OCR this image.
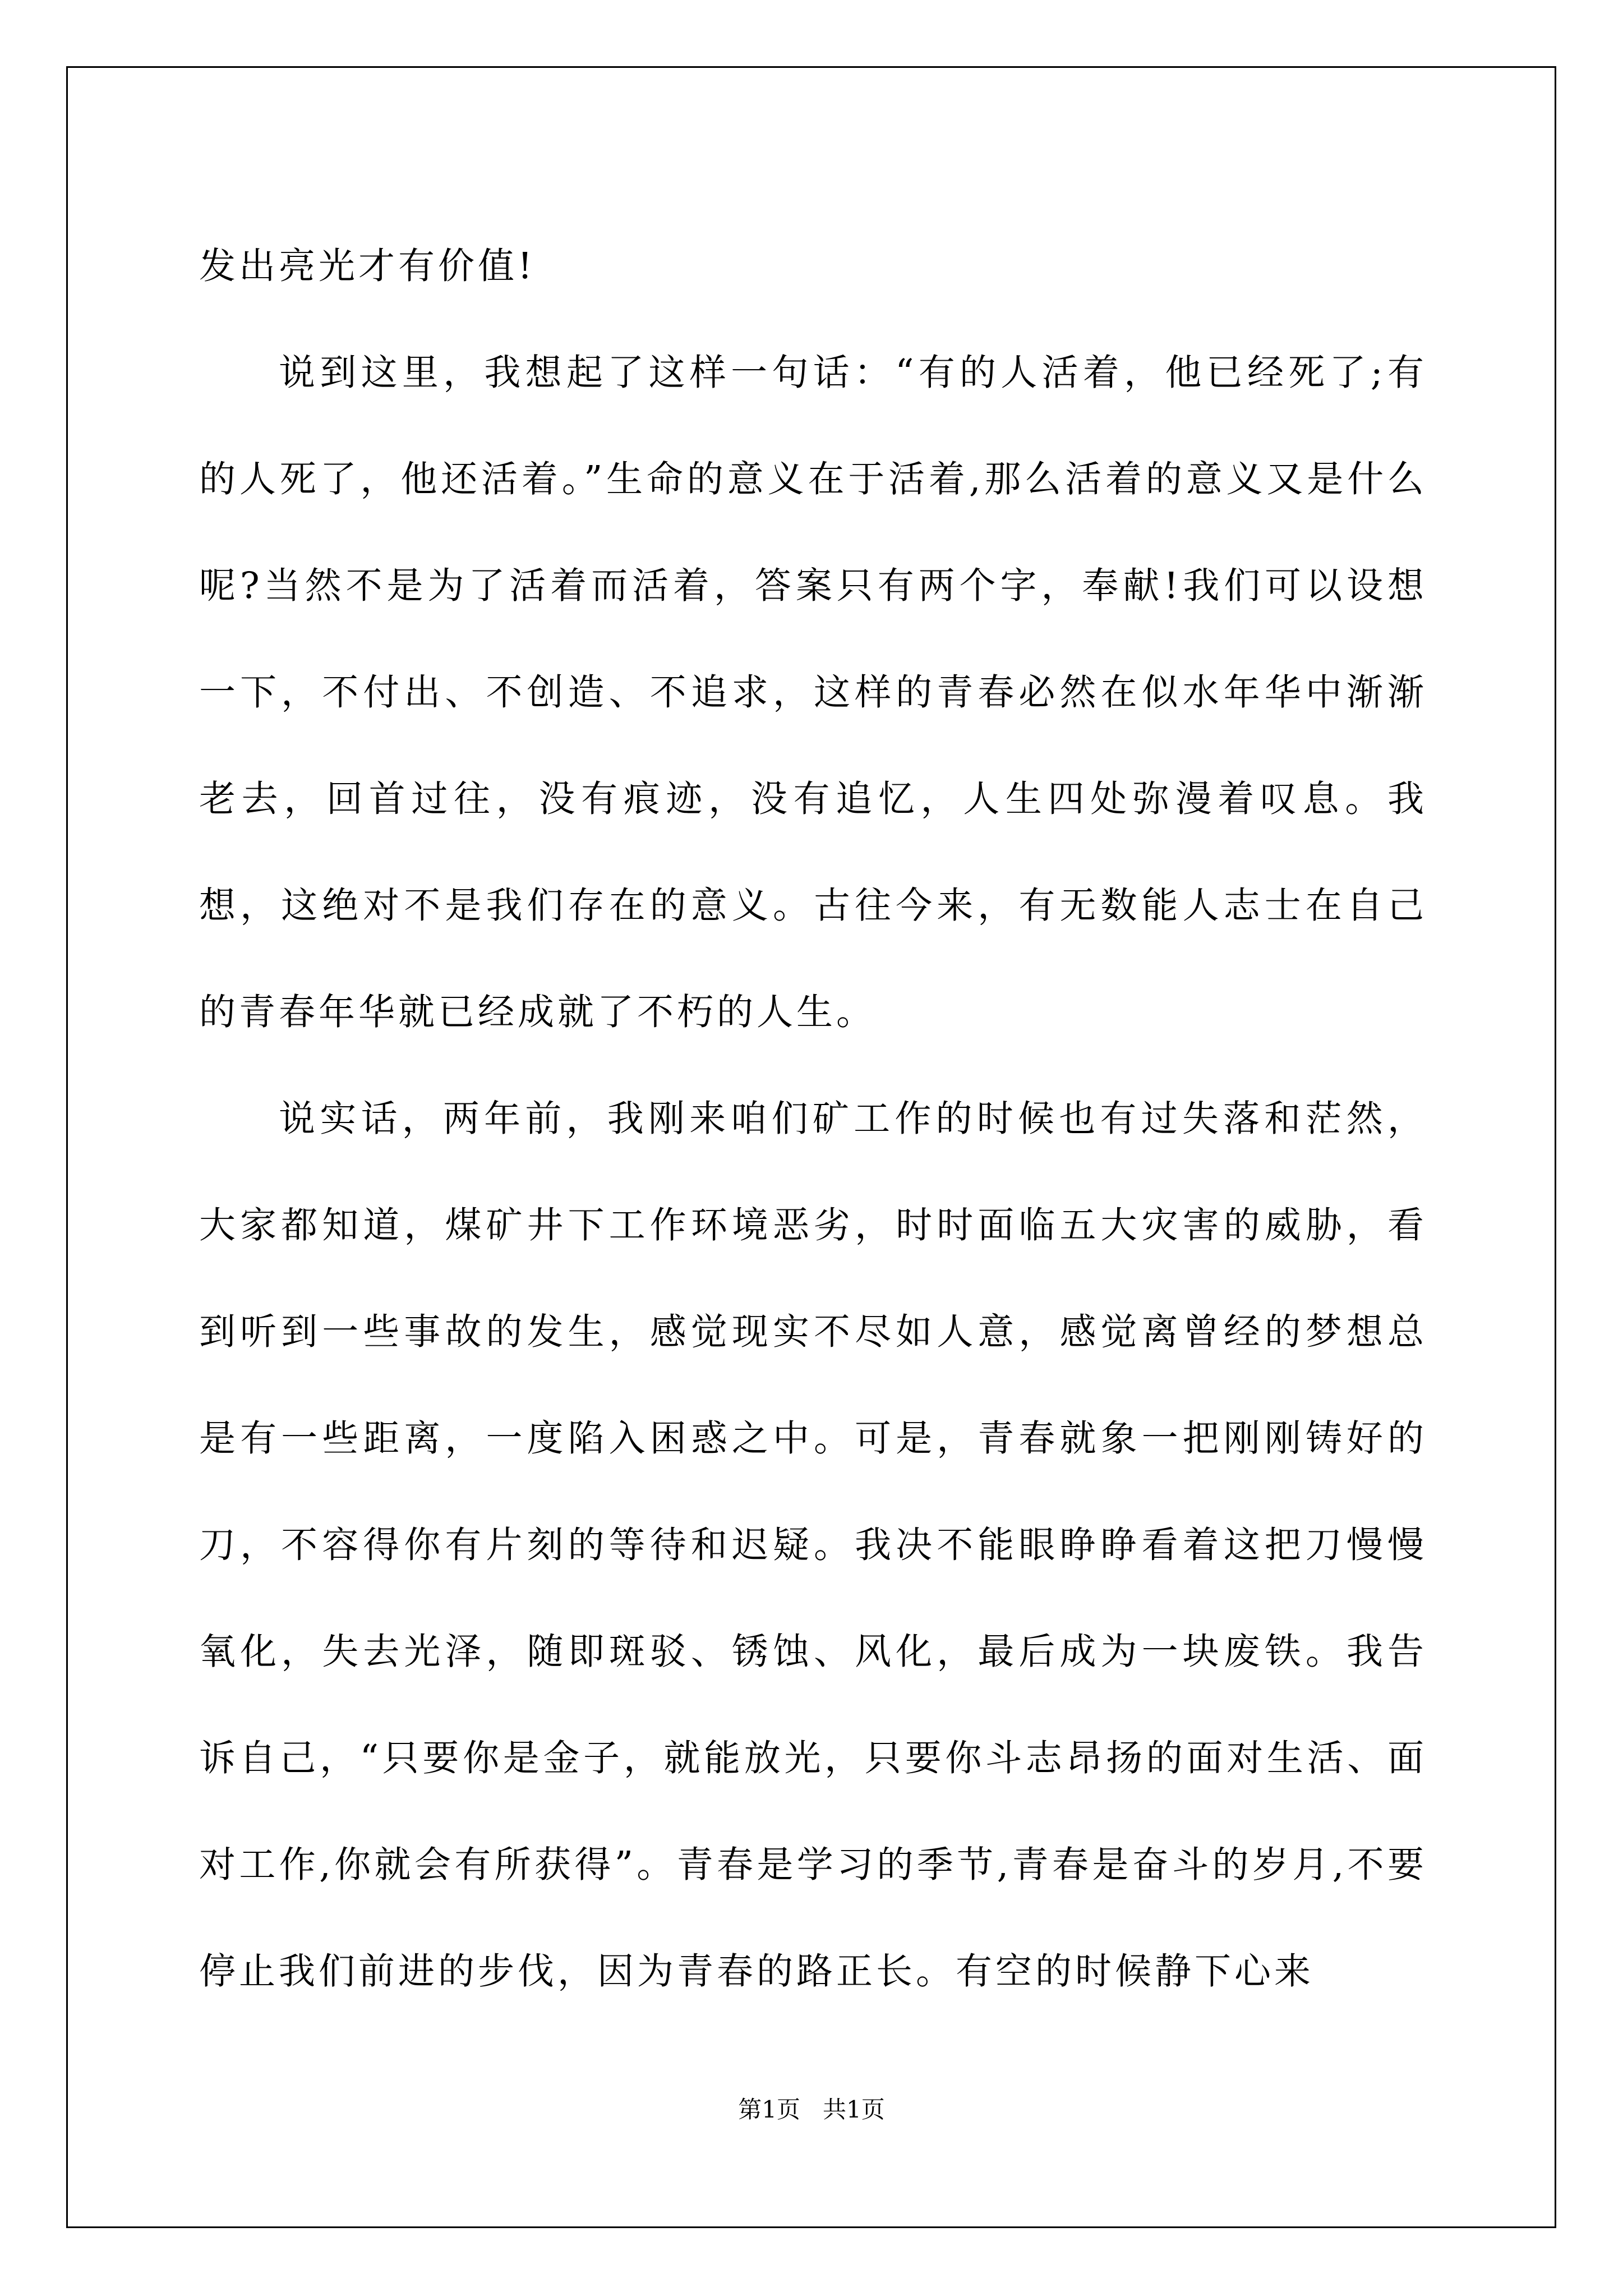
发出亮光才有价值!

说到这里，我想起了这样一句话：“有的人活着，他已经死了;有的人死了，他还活着。”生命的意义在于活着,那么活着的意义又是什么呢?当然不是为了活着而活着，答案只有两个字，奉献!我们可以设想一下，不付出、不创造、不追求，这样的青春必然在似水年华中渐渐老去，回首过往，没有痕迹，没有追忆，人生四处弥漫着叹息。我想，这绝对不是我们存在的意义。古往今来，有无数能人志士在自己的青春年华就已经成就了不朽的人生。

说实话，两年前，我刚来咱们矿工作的时候也有过失落和茫然，大家都知道，煤矿井下工作环境恶劣，时时面临五大灾害的威胁，看到听到一些事故的发生，感觉现实不尽如人意，感觉离曾经的梦想总是有一些距离，一度陷入困惑之中。可是，青春就象一把刚刚铸好的刀，不容得你有片刻的等待和迟疑。我决不能眼睁睁看着这把刀慢慢氧化，失去光泽，随即斑驳、锈蚀、风化，最后成为一块废铁。我告诉自己，“只要你是金子，就能放光，只要你斗志昂扬的面对生活、面对工作,你就会有所获得”。青春是学习的季节,青春是奋斗的岁月,不要停止我们前进的步伐，因为青春的路正长。有空的时候静下心来

第1页   共1页
